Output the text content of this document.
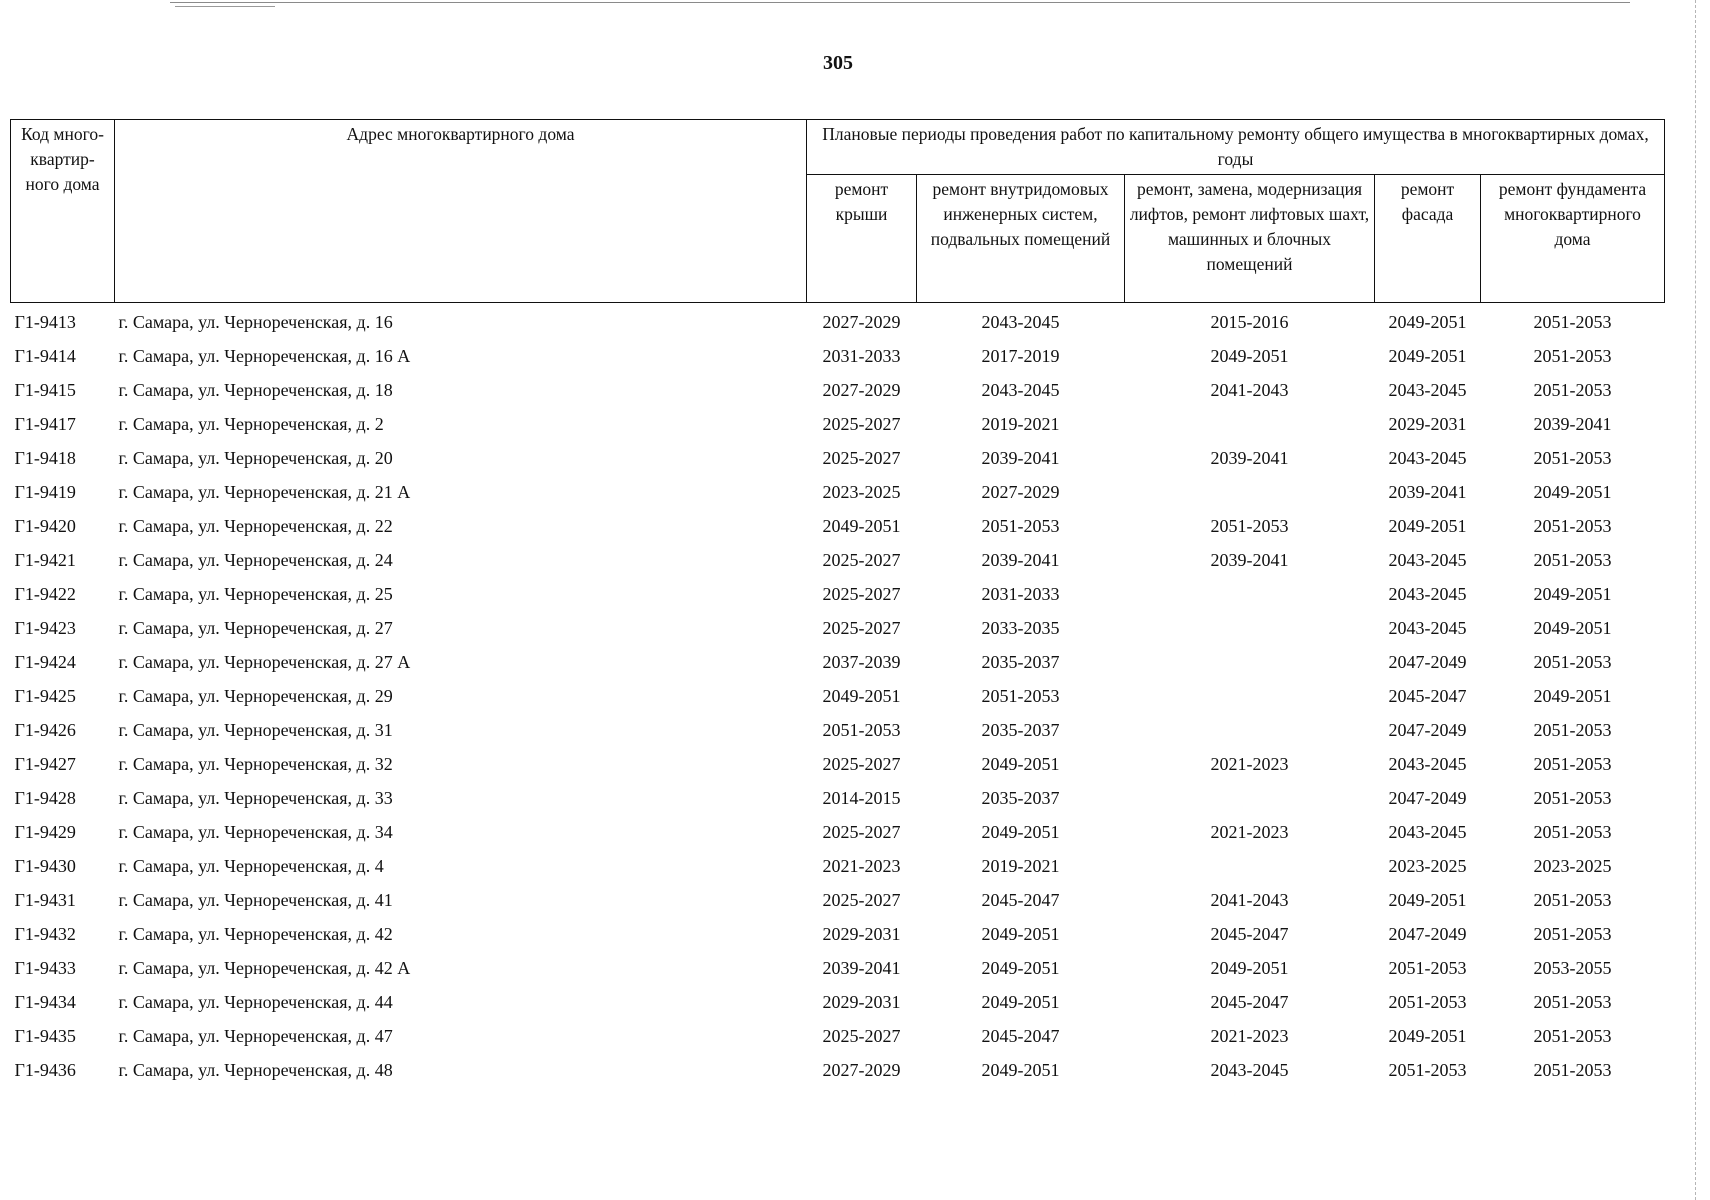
305
Код много-квартир-ного дома	Адрес многоквартирного дома	Плановые периоды проведения работ по капитальному ремонту общего имущества в многоквартирных домах, годы				
		ремонт крыши	ремонт внутридомовых инженерных систем, подвальных помещений	ремонт, замена, модернизация лифтов, ремонт лифтовых шахт, машинных и блочных помещений	ремонт фасада	ремонт фундамента многоквартирного дома
Г1-9413	г. Самара, ул. Чернореченская, д. 16	2027-2029	2043-2045	2015-2016	2049-2051	2051-2053
Г1-9414	г. Самара, ул. Чернореченская, д. 16 А	2031-2033	2017-2019	2049-2051	2049-2051	2051-2053
Г1-9415	г. Самара, ул. Чернореченская, д. 18	2027-2029	2043-2045	2041-2043	2043-2045	2051-2053
Г1-9417	г. Самара, ул. Чернореченская, д. 2	2025-2027	2019-2021		2029-2031	2039-2041
Г1-9418	г. Самара, ул. Чернореченская, д. 20	2025-2027	2039-2041	2039-2041	2043-2045	2051-2053
Г1-9419	г. Самара, ул. Чернореченская, д. 21 А	2023-2025	2027-2029		2039-2041	2049-2051
Г1-9420	г. Самара, ул. Чернореченская, д. 22	2049-2051	2051-2053	2051-2053	2049-2051	2051-2053
Г1-9421	г. Самара, ул. Чернореченская, д. 24	2025-2027	2039-2041	2039-2041	2043-2045	2051-2053
Г1-9422	г. Самара, ул. Чернореченская, д. 25	2025-2027	2031-2033		2043-2045	2049-2051
Г1-9423	г. Самара, ул. Чернореченская, д. 27	2025-2027	2033-2035		2043-2045	2049-2051
Г1-9424	г. Самара, ул. Чернореченская, д. 27 А	2037-2039	2035-2037		2047-2049	2051-2053
Г1-9425	г. Самара, ул. Чернореченская, д. 29	2049-2051	2051-2053		2045-2047	2049-2051
Г1-9426	г. Самара, ул. Чернореченская, д. 31	2051-2053	2035-2037		2047-2049	2051-2053
Г1-9427	г. Самара, ул. Чернореченская, д. 32	2025-2027	2049-2051	2021-2023	2043-2045	2051-2053
Г1-9428	г. Самара, ул. Чернореченская, д. 33	2014-2015	2035-2037		2047-2049	2051-2053
Г1-9429	г. Самара, ул. Чернореченская, д. 34	2025-2027	2049-2051	2021-2023	2043-2045	2051-2053
Г1-9430	г. Самара, ул. Чернореченская, д. 4	2021-2023	2019-2021		2023-2025	2023-2025
Г1-9431	г. Самара, ул. Чернореченская, д. 41	2025-2027	2045-2047	2041-2043	2049-2051	2051-2053
Г1-9432	г. Самара, ул. Чернореченская, д. 42	2029-2031	2049-2051	2045-2047	2047-2049	2051-2053
Г1-9433	г. Самара, ул. Чернореченская, д. 42 А	2039-2041	2049-2051	2049-2051	2051-2053	2053-2055
Г1-9434	г. Самара, ул. Чернореченская, д. 44	2029-2031	2049-2051	2045-2047	2051-2053	2051-2053
Г1-9435	г. Самара, ул. Чернореченская, д. 47	2025-2027	2045-2047	2021-2023	2049-2051	2051-2053
Г1-9436	г. Самара, ул. Чернореченская, д. 48	2027-2029	2049-2051	2043-2045	2051-2053	2051-2053
